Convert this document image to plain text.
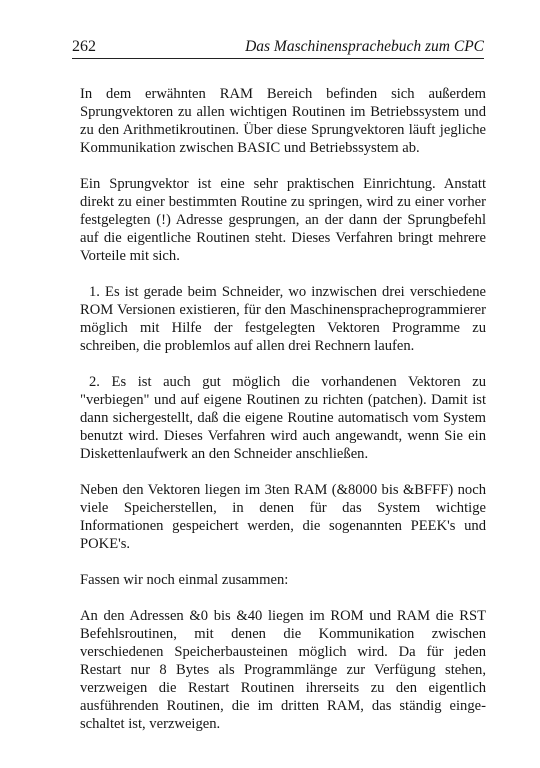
262	Das Maschinensprachebuch zum CPC

In dem erwähnten RAM Bereich befinden sich außerdem Sprungvektoren zu allen wichtigen Routinen im Betriebssystem und zu den Arithmetikroutinen. Über diese Sprungvektoren läuft jegliche Kommunikation zwischen BASIC und Betriebssystem ab.

Ein Sprungvektor ist eine sehr praktischen Einrichtung. Anstatt direkt zu einer bestimmten Routine zu springen, wird zu einer vorher festgelegten (!) Adresse gesprungen, an der dann der Sprungbefehl auf die eigentliche Routinen steht. Dieses Verfahren bringt mehrere Vorteile mit sich.

1. Es ist gerade beim Schneider, wo inzwischen drei verschiedene ROM Versionen existieren, für den Maschinenspracheprogrammierer möglich mit Hilfe der festgelegten Vektoren Programme zu schreiben, die problemlos auf allen drei Rechnern laufen.

2. Es ist auch gut möglich die vorhandenen Vektoren zu "verbiegen" und auf eigene Routinen zu richten (patchen). Damit ist dann sichergestellt, daß die eigene Routine automatisch vom System benutzt wird. Dieses Verfahren wird auch angewandt, wenn Sie ein Diskettenlaufwerk an den Schneider anschließen.

Neben den Vektoren liegen im 3ten RAM (&8000 bis &BFFF) noch viele Speicherstellen, in denen für das System wichtige Informationen gespeichert werden, die sogenannten PEEK's und POKE's.

Fassen wir noch einmal zusammen:

An den Adressen &0 bis &40 liegen im ROM und RAM die RST Befehlsroutinen, mit denen die Kommunikation zwischen verschiedenen Speicherbausteinen möglich wird. Da für jeden Restart nur 8 Bytes als Programmlänge zur Verfügung stehen, verzweigen die Restart Routinen ihrerseits zu den eigentlich ausführenden Routinen, die im dritten RAM, das ständig eingeschaltet ist, verzweigen.
